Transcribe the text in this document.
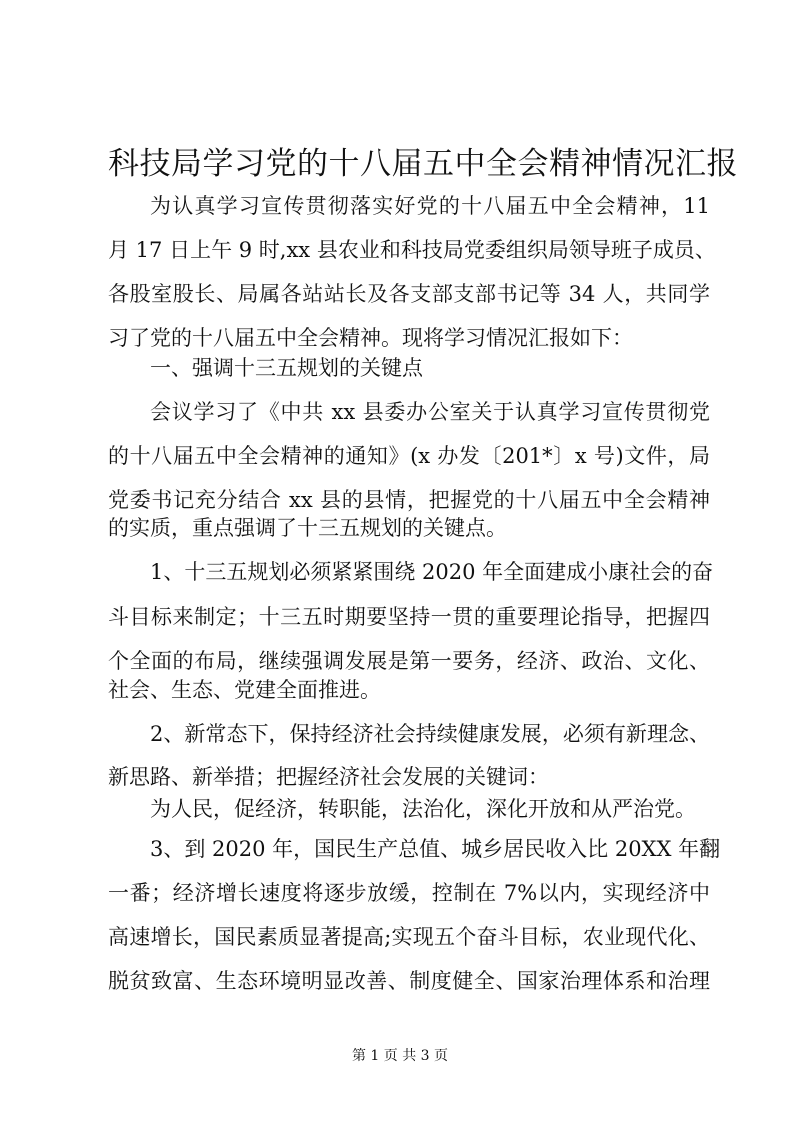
科技局学习党的十八届五中全会精神情况汇报
为认真学习宣传贯彻落实好党的十八届五中全会精神，11
月 17 日上午 9 时,xx 县农业和科技局党委组织局领导班子成员、
各股室股长、局属各站站长及各支部支部书记等 34 人，共同学
习了党的十八届五中全会精神。现将学习情况汇报如下：
一、强调十三五规划的关键点
会议学习了《中共 xx 县委办公室关于认真学习宣传贯彻党
的十八届五中全会精神的通知》(x 办发〔201*〕x 号)文件，局
党委书记充分结合 xx 县的县情，把握党的十八届五中全会精神
的实质，重点强调了十三五规划的关键点。
1、十三五规划必须紧紧围绕 2020 年全面建成小康社会的奋
斗目标来制定；十三五时期要坚持一贯的重要理论指导，把握四
个全面的布局，继续强调发展是第一要务，经济、政治、文化、
社会、生态、党建全面推进。
2、新常态下，保持经济社会持续健康发展，必须有新理念、
新思路、新举措；把握经济社会发展的关键词：
为人民，促经济，转职能，法治化，深化开放和从严治党。
3、到 2020 年，国民生产总值、城乡居民收入比 20XX 年翻
一番；经济增长速度将逐步放缓，控制在 7%以内，实现经济中
高速增长，国民素质显著提高;实现五个奋斗目标，农业现代化、
脱贫致富、生态环境明显改善、制度健全、国家治理体系和治理
第 1 页 共 3 页
